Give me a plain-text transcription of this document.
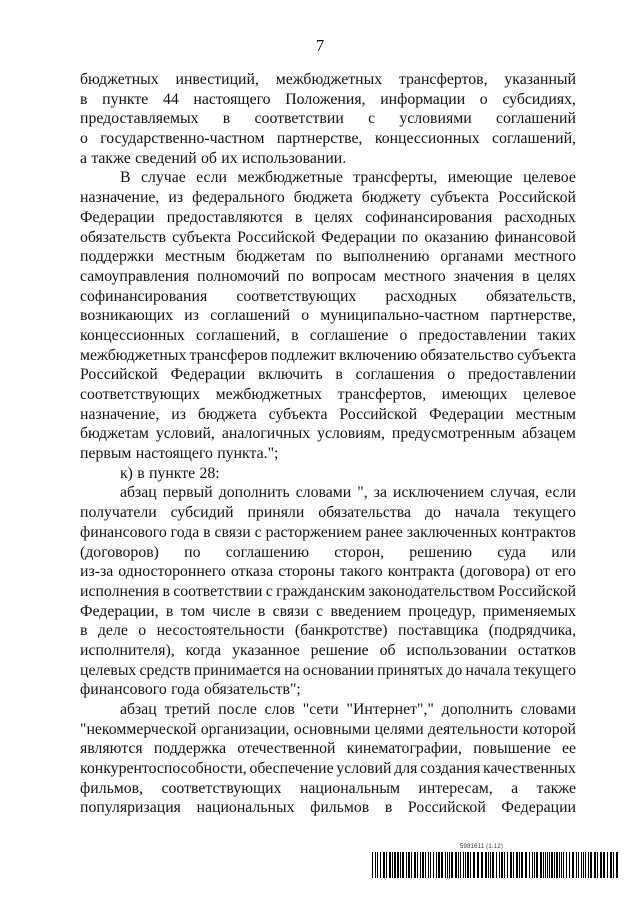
7
бюджетных инвестиций, межбюджетных трансфертов, указанный
в пункте 44 настоящего Положения, информации о субсидиях,
предоставляемых в соответствии с условиями соглашений
о государственно-частном партнерстве, концессионных соглашений,
а также сведений об их использовании.
В случае если межбюджетные трансферты, имеющие целевое
назначение, из федерального бюджета бюджету субъекта Российской
Федерации предоставляются в целях софинансирования расходных
обязательств субъекта Российской Федерации по оказанию финансовой
поддержки местным бюджетам по выполнению органами местного
самоуправления полномочий по вопросам местного значения в целях
софинансирования соответствующих расходных обязательств,
возникающих из соглашений о муниципально-частном партнерстве,
концессионных соглашений, в соглашение о предоставлении таких
межбюджетных трансферов подлежит включению обязательство субъекта
Российской Федерации включить в соглашения о предоставлении
соответствующих межбюджетных трансфертов, имеющих целевое
назначение, из бюджета субъекта Российской Федерации местным
бюджетам условий, аналогичных условиям, предусмотренным абзацем
первым настоящего пункта.";
к) в пункте 28:
абзац первый дополнить словами ", за исключением случая, если
получатели субсидий приняли обязательства до начала текущего
финансового года в связи с расторжением ранее заключенных контрактов
(договоров) по соглашению сторон, решению суда или
из-за одностороннего отказа стороны такого контракта (договора) от его
исполнения в соответствии с гражданским законодательством Российской
Федерации, в том числе в связи с введением процедур, применяемых
в деле о несостоятельности (банкротстве) поставщика (подрядчика,
исполнителя), когда указанное решение об использовании остатков
целевых средств принимается на основании принятых до начала текущего
финансового года обязательств";
абзац третий после слов "сети "Интернет"," дополнить словами
"некоммерческой организации, основными целями деятельности которой
являются поддержка отечественной кинематографии, повышение ее
конкурентоспособности, обеспечение условий для создания качественных
фильмов, соответствующих национальным интересам, а также
популяризация национальных фильмов в Российской Федерации
5981611 (1.12)
